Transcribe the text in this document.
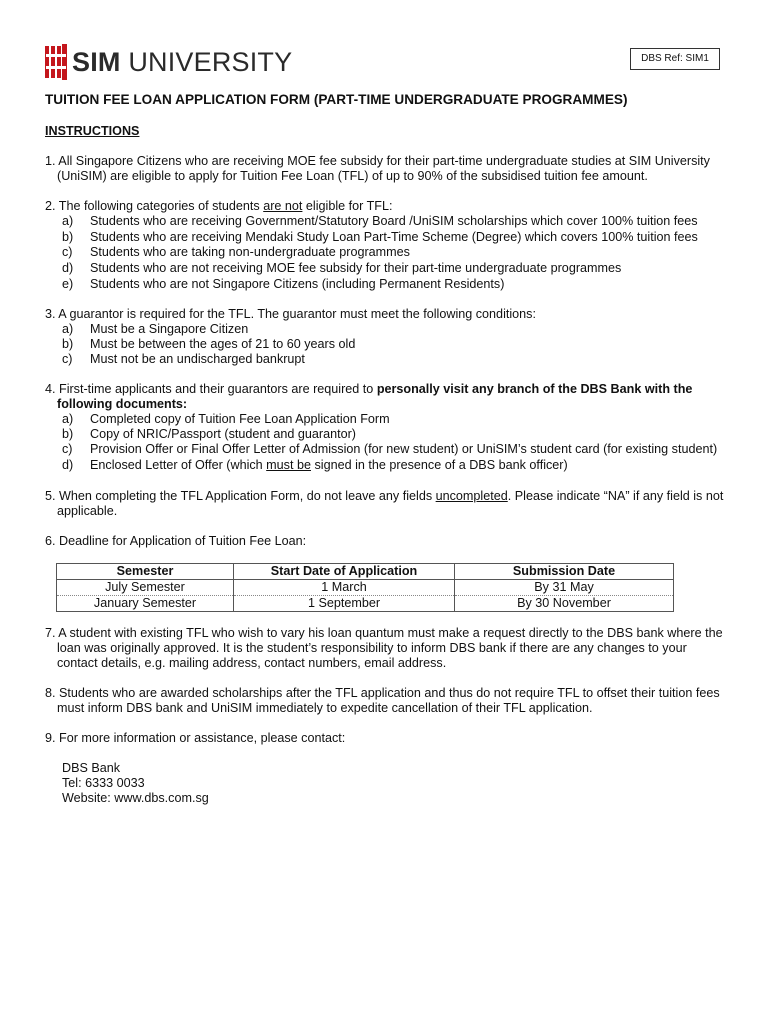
SIM UNIVERSITY	DBS Ref: SIM1
TUITION FEE LOAN APPLICATION FORM (PART-TIME UNDERGRADUATE PROGRAMMES)
INSTRUCTIONS
1. All Singapore Citizens who are receiving MOE fee subsidy for their part-time undergraduate studies at SIM University
(UniSIM) are eligible to apply for Tuition Fee Loan (TFL) of up to 90% of the subsidised tuition fee amount.
2. The following categories of students are not eligible for TFL:
a) Students who are receiving Government/Statutory Board /UniSIM scholarships which cover 100% tuition fees
b) Students who are receiving Mendaki Study Loan Part-Time Scheme (Degree) which covers 100% tuition fees
c) Students who are taking non-undergraduate programmes
d) Students who are not receiving MOE fee subsidy for their part-time undergraduate programmes
e) Students who are not Singapore Citizens (including Permanent Residents)
3. A guarantor is required for the TFL. The guarantor must meet the following conditions:
a) Must be a Singapore Citizen
b) Must be between the ages of 21 to 60 years old
c) Must not be an undischarged bankrupt
4. First-time applicants and their guarantors are required to personally visit any branch of the DBS Bank with the
following documents:
a) Completed copy of Tuition Fee Loan Application Form
b) Copy of NRIC/Passport (student and guarantor)
c) Provision Offer or Final Offer Letter of Admission (for new student) or UniSIM’s student card (for existing student)
d) Enclosed Letter of Offer (which must be signed in the presence of a DBS bank officer)
5. When completing the TFL Application Form, do not leave any fields uncompleted. Please indicate “NA” if any field is not
applicable.
6. Deadline for Application of Tuition Fee Loan:
Semester	Start Date of Application	Submission Date
July Semester	1 March	By 31 May
January Semester	1 September	By 30 November
7. A student with existing TFL who wish to vary his loan quantum must make a request directly to the DBS bank where the
loan was originally approved. It is the student’s responsibility to inform DBS bank if there are any changes to your
contact details, e.g. mailing address, contact numbers, email address.
8. Students who are awarded scholarships after the TFL application and thus do not require TFL to offset their tuition fees
must inform DBS bank and UniSIM immediately to expedite cancellation of their TFL application.
9. For more information or assistance, please contact:
DBS Bank
Tel: 6333 0033
Website: www.dbs.com.sg
